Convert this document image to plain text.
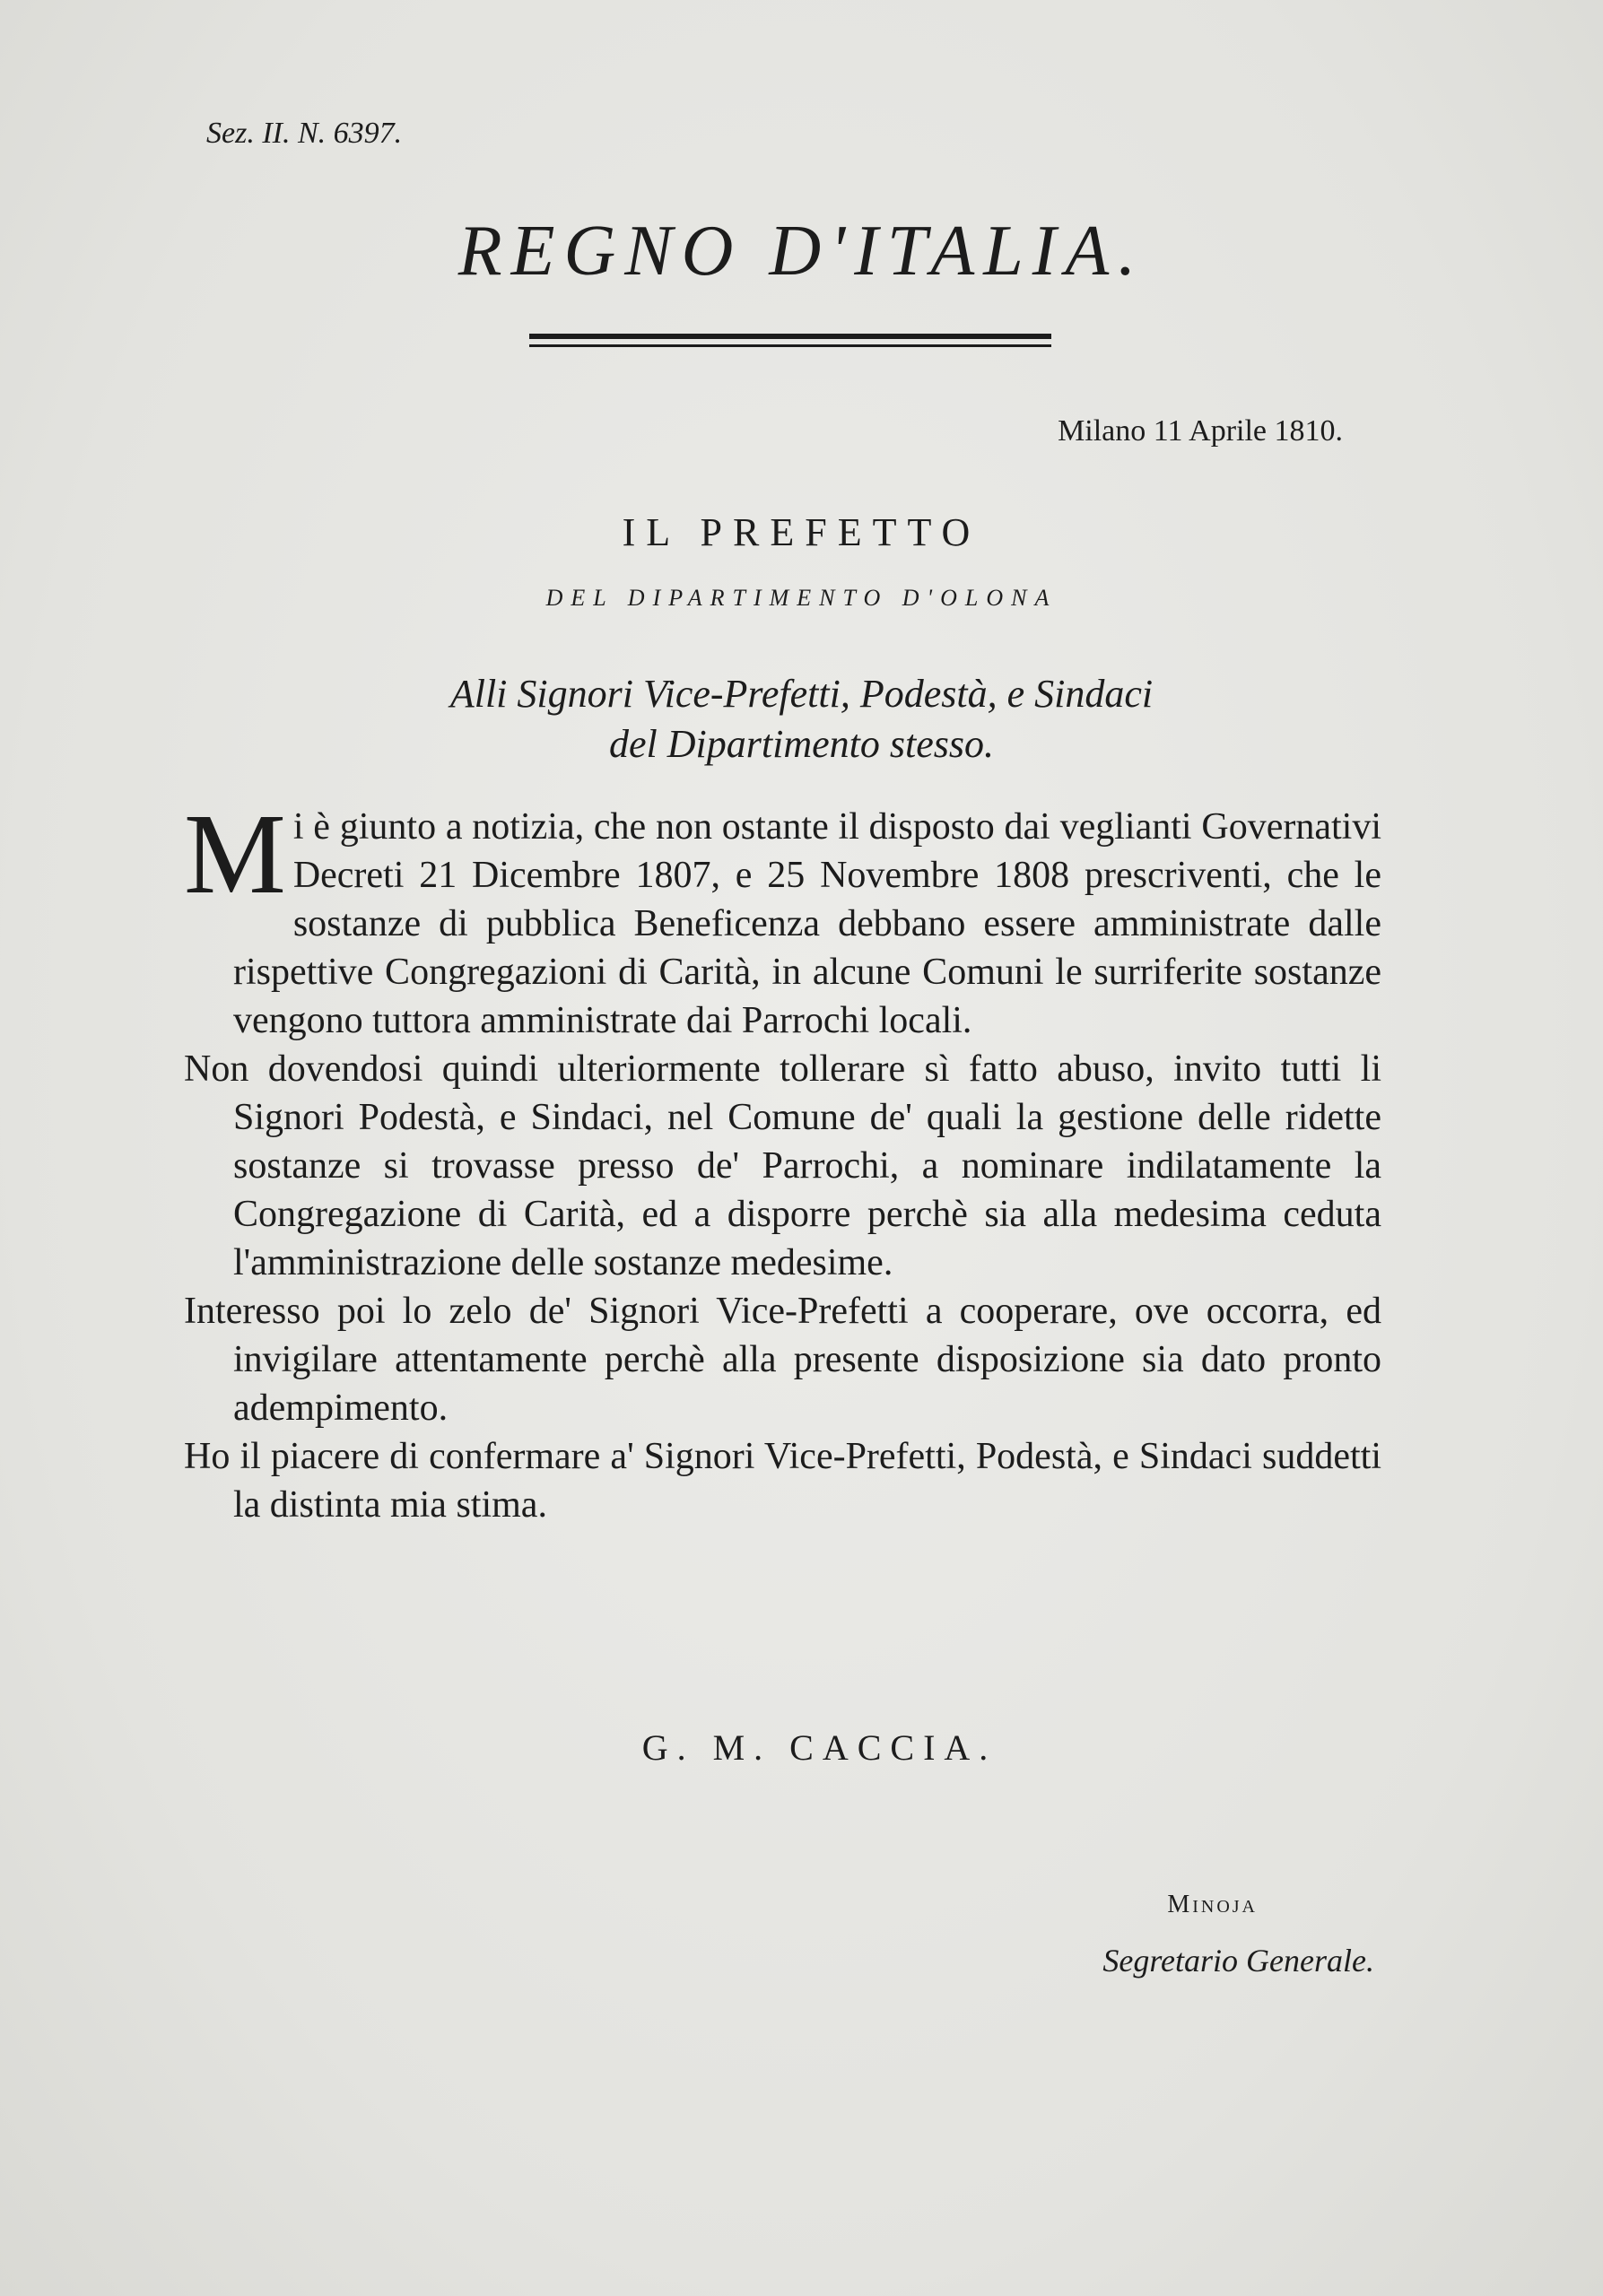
Sez. II. N. 6397.
REGNO D'ITALIA.
Milano 11 Aprile 1810.
IL PREFETTO
DEL DIPARTIMENTO D'OLONA
Alli Signori Vice-Prefetti, Podestà, e Sindaci
del Dipartimento stesso.

Mi è giunto a notizia, che non ostante il disposto dai veglianti Governativi Decreti 21 Dicembre 1807, e 25 Novembre 1808 prescriventi, che le sostanze di pubblica Beneficenza debbano essere amministrate dalle rispettive Congregazioni di Carità, in alcune Comuni le surriferite sostanze vengono tuttora amministrate dai Parrochi locali.

Non dovendosi quindi ulteriormente tollerare sì fatto abuso, invito tutti li Signori Podestà, e Sindaci, nel Comune de' quali la gestione delle ridette sostanze si trovasse presso de' Parrochi, a nominare indilatamente la Congregazione di Carità, ed a disporre perchè sia alla medesima ceduta l'amministrazione delle sostanze medesime.

Interesso poi lo zelo de' Signori Vice-Prefetti a cooperare, ove occorra, ed invigilare attentamente perchè alla presente disposizione sia dato pronto adempimento.

Ho il piacere di confermare a' Signori Vice-Prefetti, Podestà, e Sindaci suddetti la distinta mia stima.

G. M. CACCIA.
Minoja
Segretario Generale.
